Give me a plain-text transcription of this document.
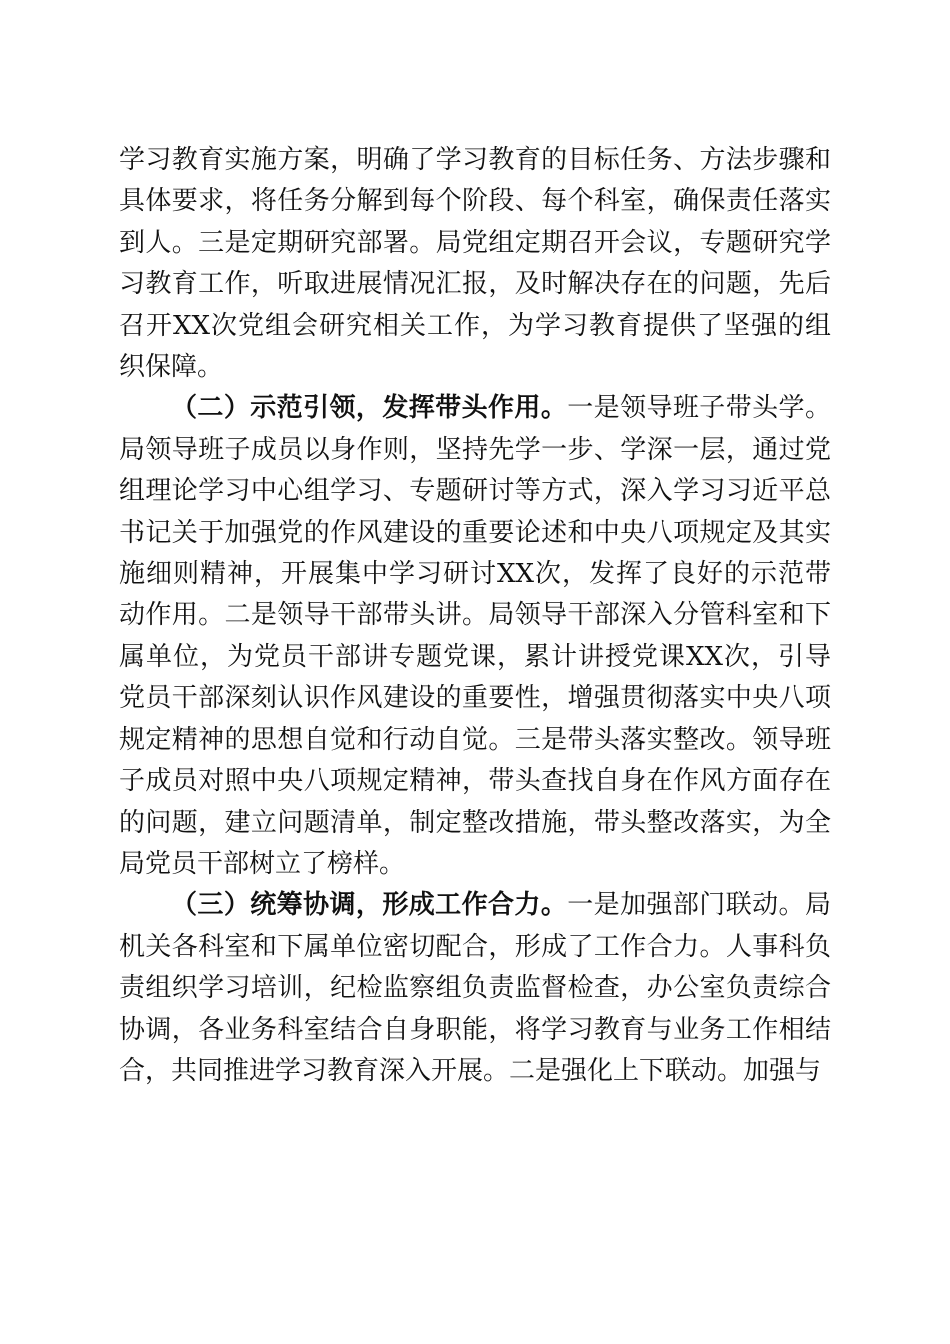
学习教育实施方案，明确了学习教育的目标任务、方法步骤和具体要求，将任务分解到每个阶段、每个科室，确保责任落实到人。三是定期研究部署。局党组定期召开会议，专题研究学习教育工作，听取进展情况汇报，及时解决存在的问题，先后召开XX次党组会研究相关工作，为学习教育提供了坚强的组织保障。

（二）示范引领，发挥带头作用。一是领导班子带头学。局领导班子成员以身作则，坚持先学一步、学深一层，通过党组理论学习中心组学习、专题研讨等方式，深入学习习近平总书记关于加强党的作风建设的重要论述和中央八项规定及其实施细则精神，开展集中学习研讨XX次，发挥了良好的示范带动作用。二是领导干部带头讲。局领导干部深入分管科室和下属单位，为党员干部讲专题党课，累计讲授党课XX次，引导党员干部深刻认识作风建设的重要性，增强贯彻落实中央八项规定精神的思想自觉和行动自觉。三是带头落实整改。领导班子成员对照中央八项规定精神，带头查找自身在作风方面存在的问题，建立问题清单，制定整改措施，带头整改落实，为全局党员干部树立了榜样。

（三）统筹协调，形成工作合力。一是加强部门联动。局机关各科室和下属单位密切配合，形成了工作合力。人事科负责组织学习培训，纪检监察组负责监督检查，办公室负责综合协调，各业务科室结合自身职能，将学习教育与业务工作相结合，共同推进学习教育深入开展。二是强化上下联动。加强与
